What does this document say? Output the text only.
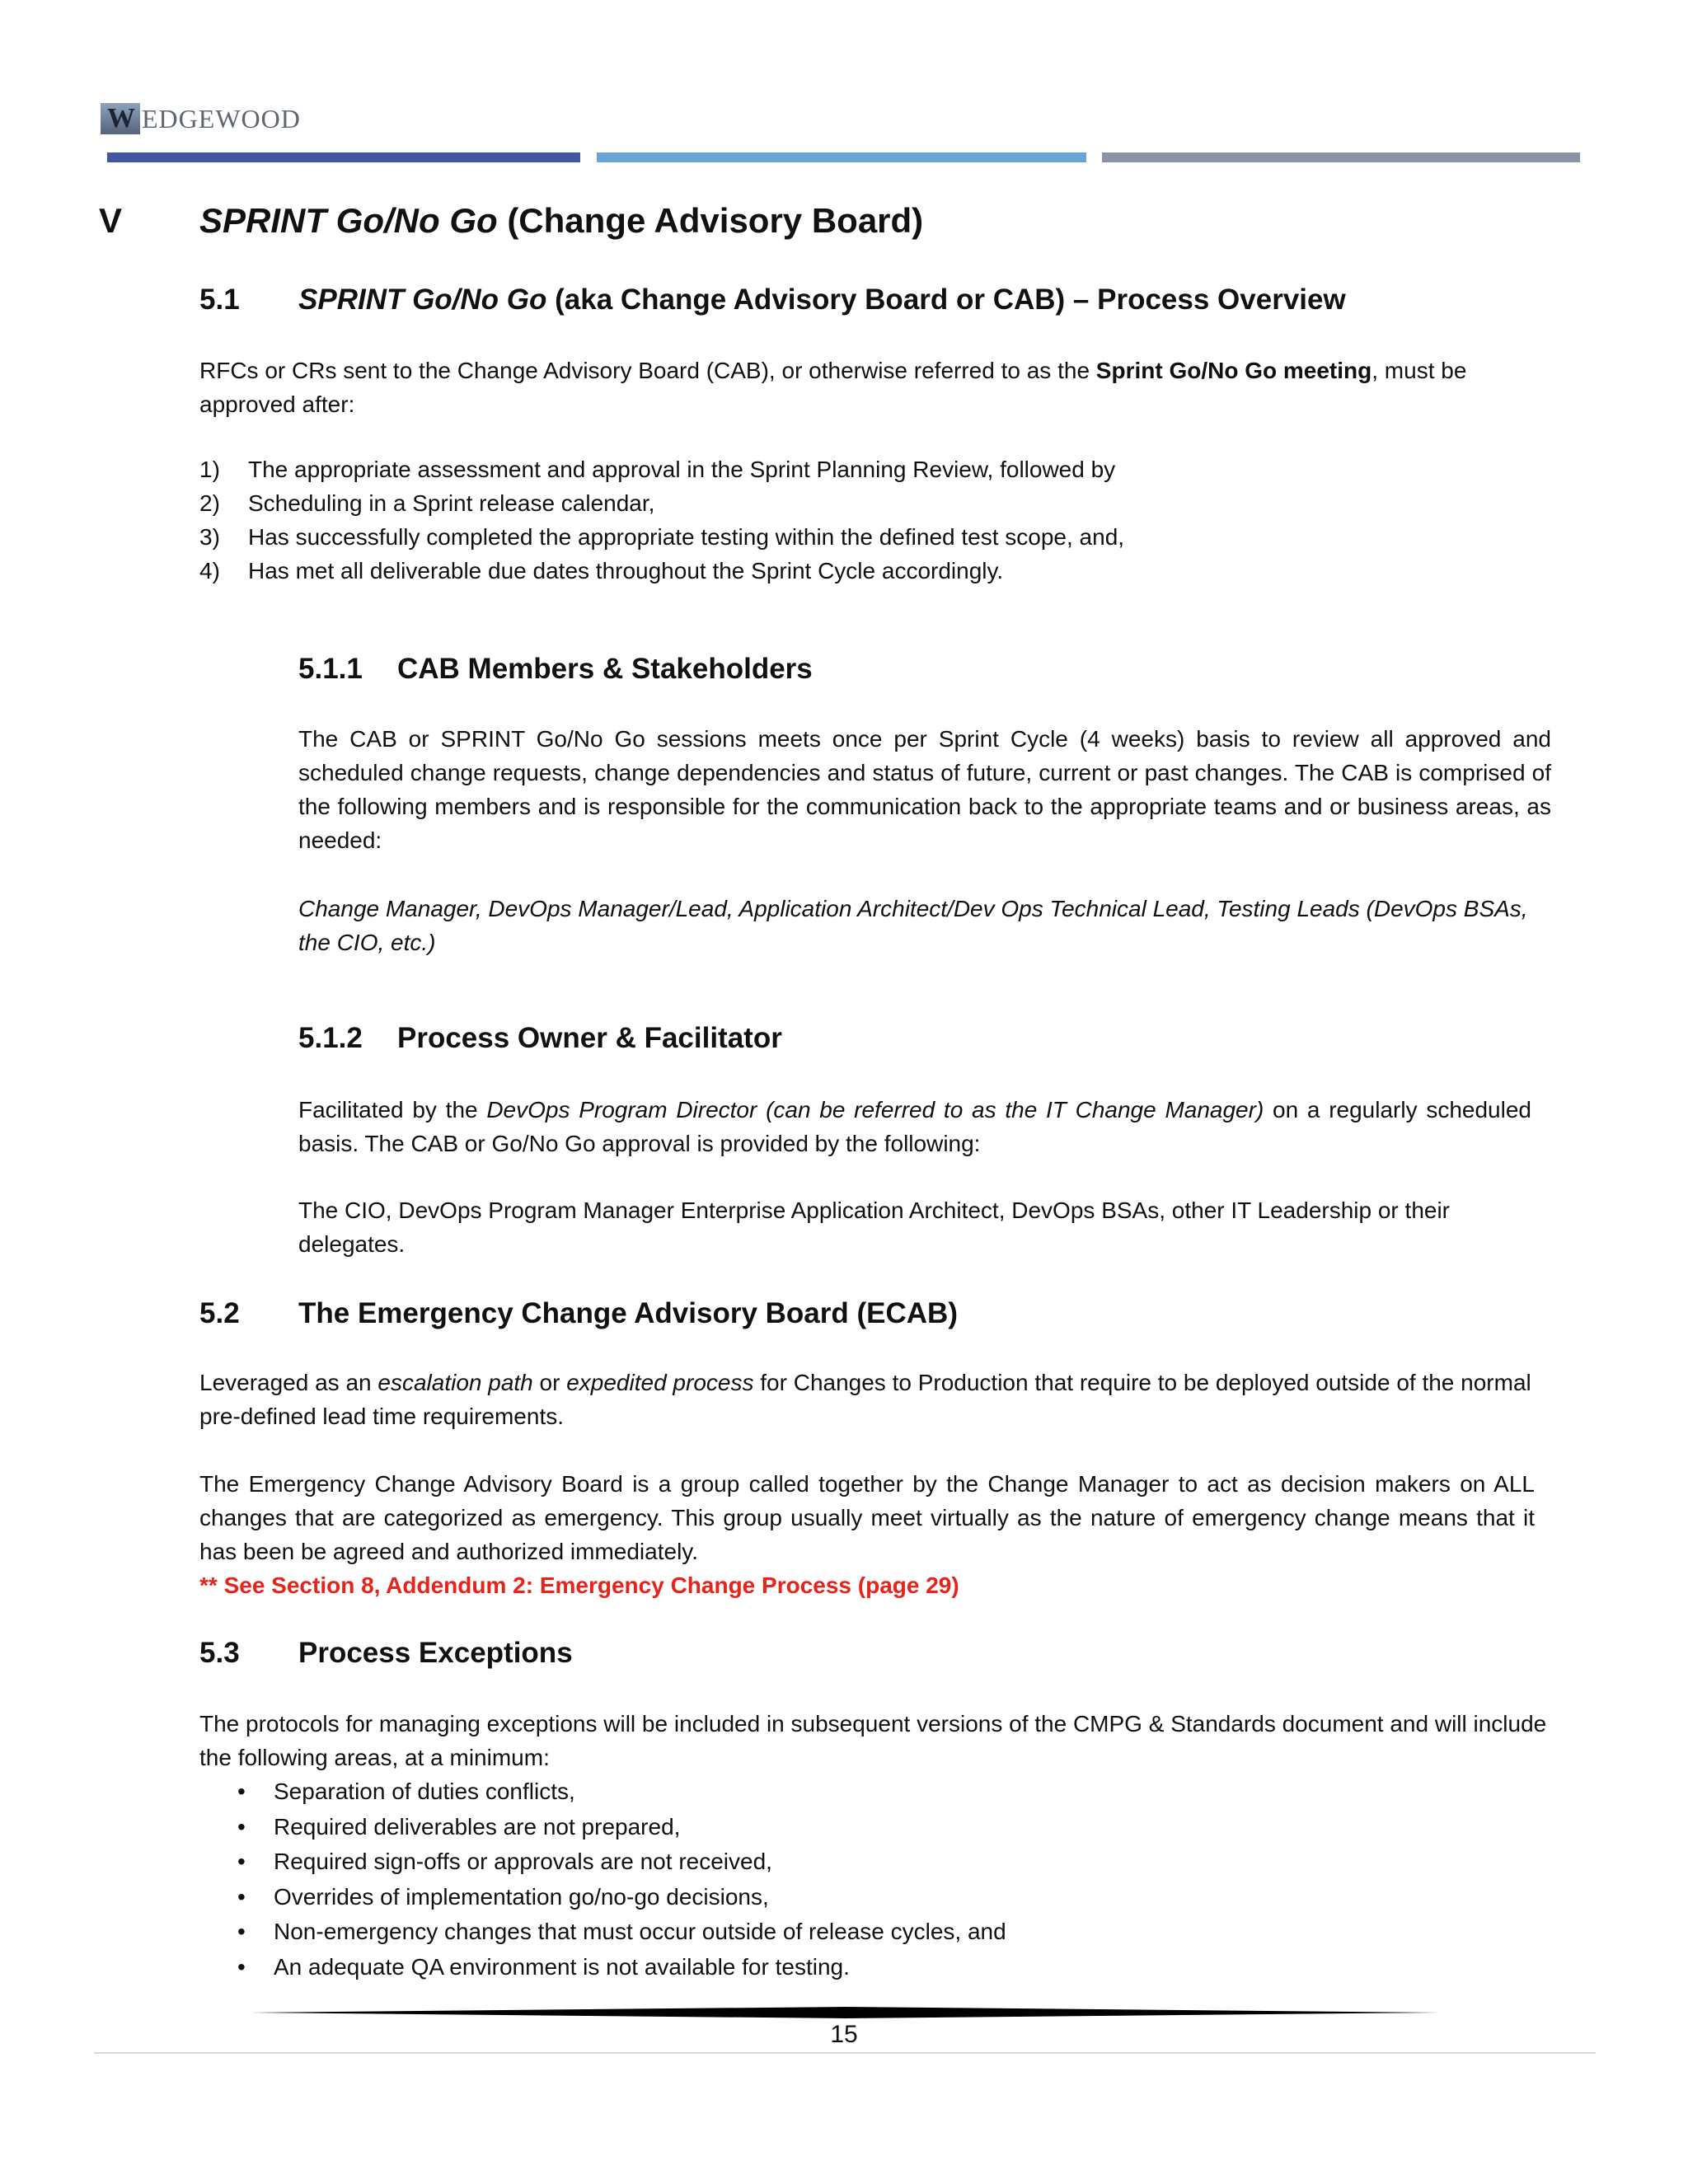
W EDGEWOOD
V SPRINT Go/No Go (Change Advisory Board)
5.1 SPRINT Go/No Go (aka Change Advisory Board or CAB) – Process Overview
RFCs or CRs sent to the Change Advisory Board (CAB), or otherwise referred to as the Sprint Go/No Go meeting, must be approved after:
1) The appropriate assessment and approval in the Sprint Planning Review, followed by
2) Scheduling in a Sprint release calendar,
3) Has successfully completed the appropriate testing within the defined test scope, and,
4) Has met all deliverable due dates throughout the Sprint Cycle accordingly.
5.1.1 CAB Members & Stakeholders
The CAB or SPRINT Go/No Go sessions meets once per Sprint Cycle (4 weeks) basis to review all approved and scheduled change requests, change dependencies and status of future, current or past changes. The CAB is comprised of the following members and is responsible for the communication back to the appropriate teams and or business areas, as needed:
Change Manager, DevOps Manager/Lead, Application Architect/Dev Ops Technical Lead, Testing Leads (DevOps BSAs, the CIO, etc.)
5.1.2 Process Owner & Facilitator
Facilitated by the DevOps Program Director (can be referred to as the IT Change Manager) on a regularly scheduled basis. The CAB or Go/No Go approval is provided by the following:
The CIO, DevOps Program Manager Enterprise Application Architect, DevOps BSAs, other IT Leadership or their delegates.
5.2 The Emergency Change Advisory Board (ECAB)
Leveraged as an escalation path or expedited process for Changes to Production that require to be deployed outside of the normal pre-defined lead time requirements.
The Emergency Change Advisory Board is a group called together by the Change Manager to act as decision makers on ALL changes that are categorized as emergency. This group usually meet virtually as the nature of emergency change means that it has been be agreed and authorized immediately.
** See Section 8, Addendum 2: Emergency Change Process (page 29)
5.3 Process Exceptions
The protocols for managing exceptions will be included in subsequent versions of the CMPG & Standards document and will include the following areas, at a minimum:
• Separation of duties conflicts,
• Required deliverables are not prepared,
• Required sign-offs or approvals are not received,
• Overrides of implementation go/no-go decisions,
• Non-emergency changes that must occur outside of release cycles, and
• An adequate QA environment is not available for testing.
15
